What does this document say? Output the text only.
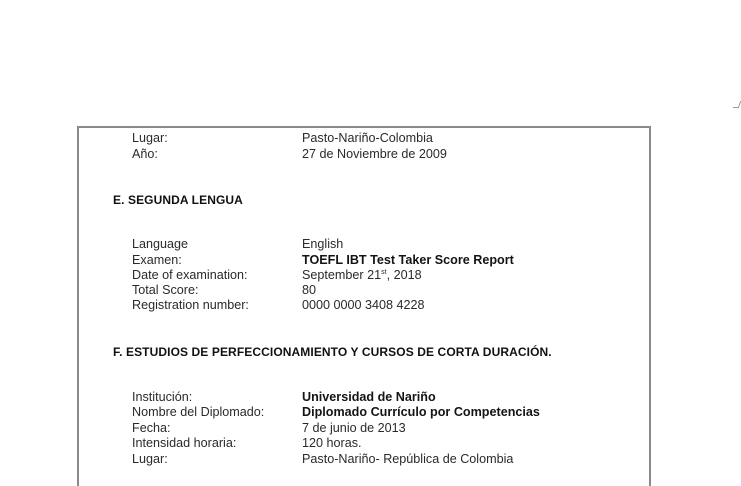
Lugar:	Pasto-Nariño-Colombia
Año:	27 de Noviembre de 2009
E. SEGUNDA LENGUA
Language	English
Examen:	TOEFL IBT Test Taker Score Report
Date of examination:	September 21st, 2018
Total Score:	80
Registration number:	0000 0000 3408 4228
F. ESTUDIOS DE PERFECCIONAMIENTO Y CURSOS DE CORTA DURACIÓN.
Institución:	Universidad de Nariño
Nombre del Diplomado:	Diplomado Currículo por Competencias
Fecha:	7 de junio de 2013
Intensidad horaria:	120 horas.
Lugar:	Pasto-Nariño- República de Colombia
